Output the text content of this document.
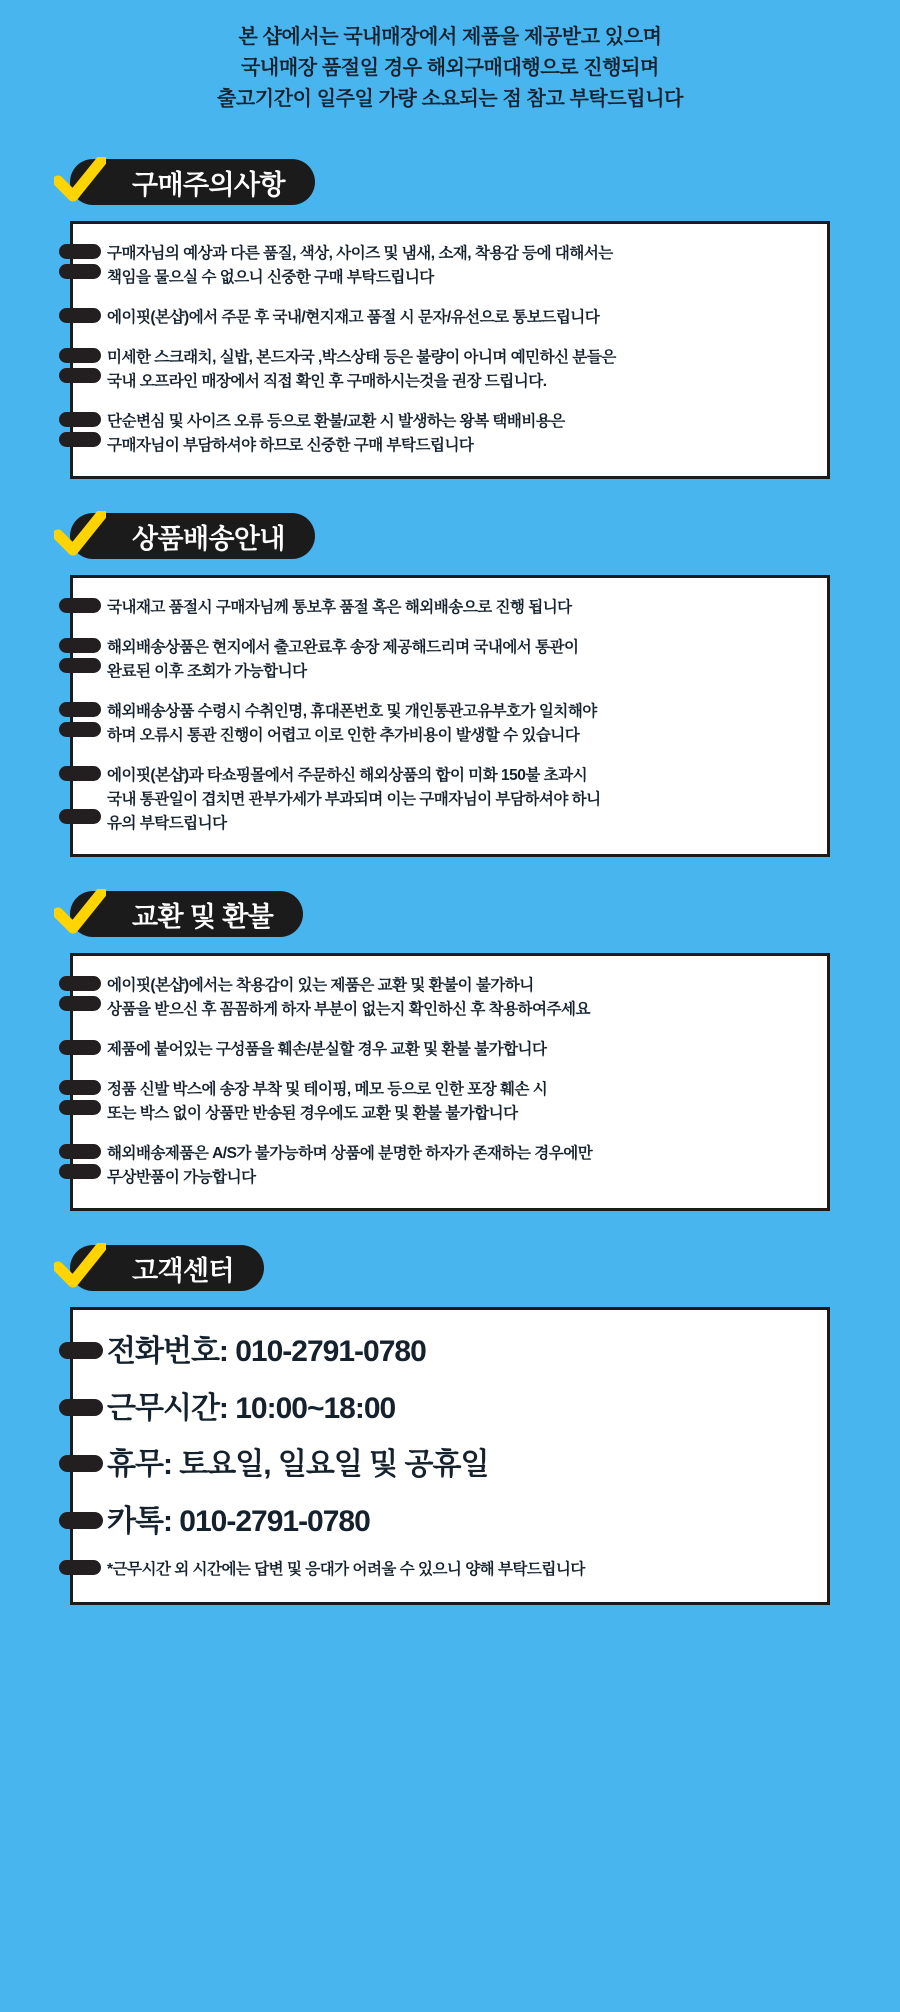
본 샵에서는 국내매장에서 제품을 제공받고 있으며
국내매장 품절일 경우 해외구매대행으로 진행되며
출고기간이 일주일 가량 소요되는 점 참고 부탁드립니다
구매주의사항
구매자님의 예상과 다른 품질, 색상, 사이즈 및 냄새, 소재, 착용감 등에 대해서는
책임을 물으실 수 없으니 신중한 구매 부탁드립니다
에이핏(본샵)에서 주문 후 국내/현지재고 품절 시 문자/유선으로 통보드립니다
미세한 스크래치, 실밥, 본드자국 ,박스상태 등은 불량이 아니며 예민하신 분들은
국내 오프라인 매장에서 직접 확인 후 구매하시는것을 권장 드립니다.
단순변심 및 사이즈 오류 등으로 환불/교환 시 발생하는 왕복 택배비용은
구매자님이 부담하셔야 하므로 신중한 구매 부탁드립니다
상품배송안내
국내재고 품절시 구매자님께 통보후 품절 혹은 해외배송으로 진행 됩니다
해외배송상품은 현지에서 출고완료후 송장 제공해드리며 국내에서 통관이
완료된 이후 조회가 가능합니다
해외배송상품 수령시 수취인명, 휴대폰번호 및 개인통관고유부호가 일치해야
하며 오류시 통관 진행이 어렵고 이로 인한 추가비용이 발생할 수 있습니다
에이핏(본샵)과 타쇼핑몰에서 주문하신 해외상품의 합이 미화 150불 초과시
국내 통관일이 겹치면 관부가세가 부과되며 이는 구매자님이 부담하셔야 하니
유의 부탁드립니다
교환 및 환불
에이핏(본샵)에서는 착용감이 있는 제품은 교환 및 환불이 불가하니
상품을 받으신 후 꼼꼼하게 하자 부분이 없는지 확인하신 후 착용하여주세요
제품에 붙어있는 구성품을 훼손/분실할 경우 교환 및 환불 불가합니다
정품 신발 박스에 송장 부착 및 테이핑, 메모 등으로 인한 포장 훼손 시
또는 박스 없이 상품만 반송된 경우에도 교환 및 환불 불가합니다
해외배송제품은 A/S가 불가능하며 상품에 분명한 하자가 존재하는 경우에만
무상반품이 가능합니다
고객센터
전화번호: 010-2791-0780
근무시간: 10:00~18:00
휴무: 토요일, 일요일 및 공휴일
카톡: 010-2791-0780
*근무시간 외 시간에는 답변 및 응대가 어려울 수 있으니 양해 부탁드립니다
